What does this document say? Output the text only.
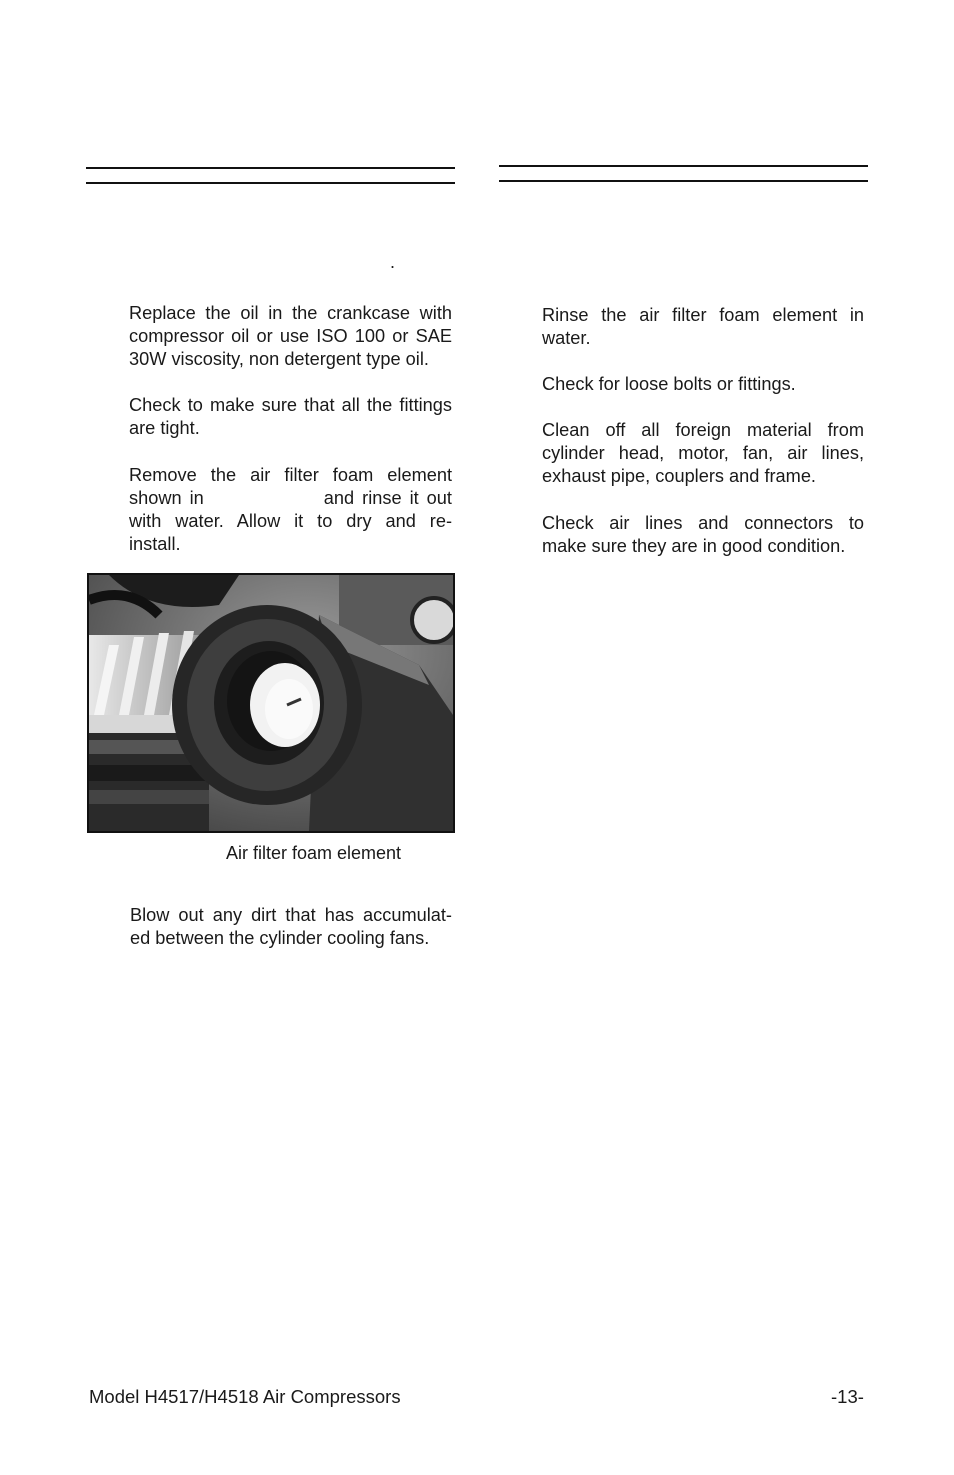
.

Replace the oil in the crankcase with
compressor oil or use ISO 100 or SAE
30W viscosity, non detergent type oil.

Check to make sure that all the fittings
are tight.

Remove the air filter foam element
shown in	and rinse it out
with water. Allow it to dry and re-
install.

Air filter foam element

Blow out any dirt that has accumulat-
ed between the cylinder cooling fans.

Rinse the air filter foam element in
water.

Check for loose bolts or fittings.

Clean off all foreign material from
cylinder head, motor, fan, air lines,
exhaust pipe, couplers and frame.

Check air lines and connectors to
make sure they are in good condition.

Model H4517/H4518 Air Compressors	-13-
